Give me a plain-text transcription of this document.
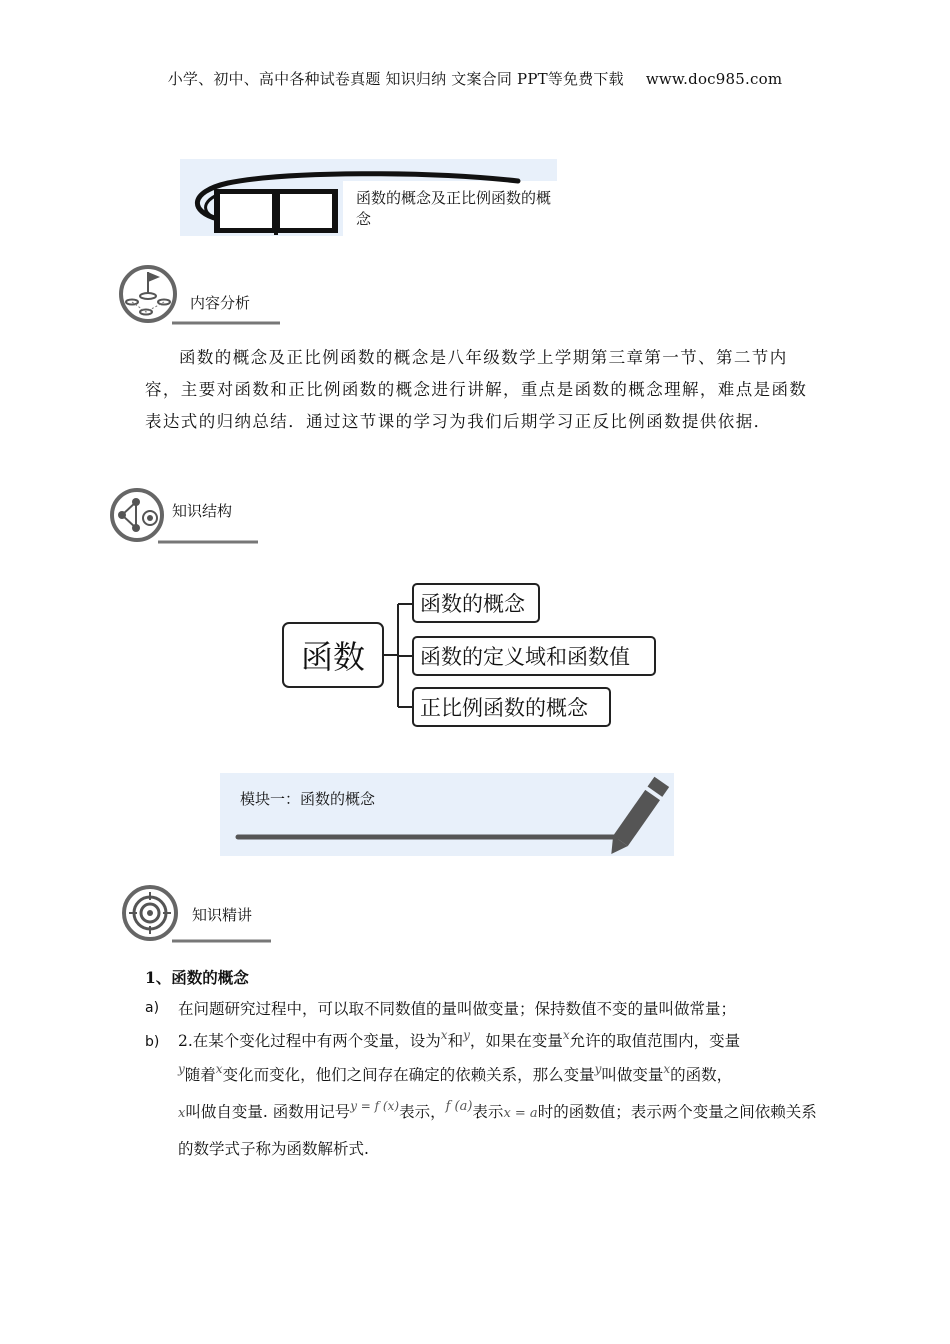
小学、初中、高中各种试卷真题 知识归纳 文案合同 PPT等免费下载 www.doc985.com
函数的概念及正比例函数的概念
内容分析
函数的概念及正比例函数的概念是八年级数学上学期第三章第一节、第二节内容，主要对函数和正比例函数的概念进行讲解，重点是函数的概念理解，难点是函数表达式的归纳总结．通过这节课的学习为我们后期学习正反比例函数提供依据．
知识结构
函数
函数的概念
函数的定义域和函数值
正比例函数的概念
模块一：函数的概念
知识精讲
1、函数的概念
a) 在问题研究过程中，可以取不同数值的量叫做变量；保持数值不变的量叫做常量；
b) 2.在某个变化过程中有两个变量，设为$^x$和$^y$，如果在变量$^x$允许的取值范围内，变量
$^y$随着$^x$变化而变化，他们之间存在确定的依赖关系，那么变量$^y$叫做变量$^x$的函数，
x叫做自变量. 函数用记号$^{y = f (x)}$表示，$^{f (a)}$表示x = a时的函数值；表示两个变量之间依赖关系的数学式子称为函数解析式.
